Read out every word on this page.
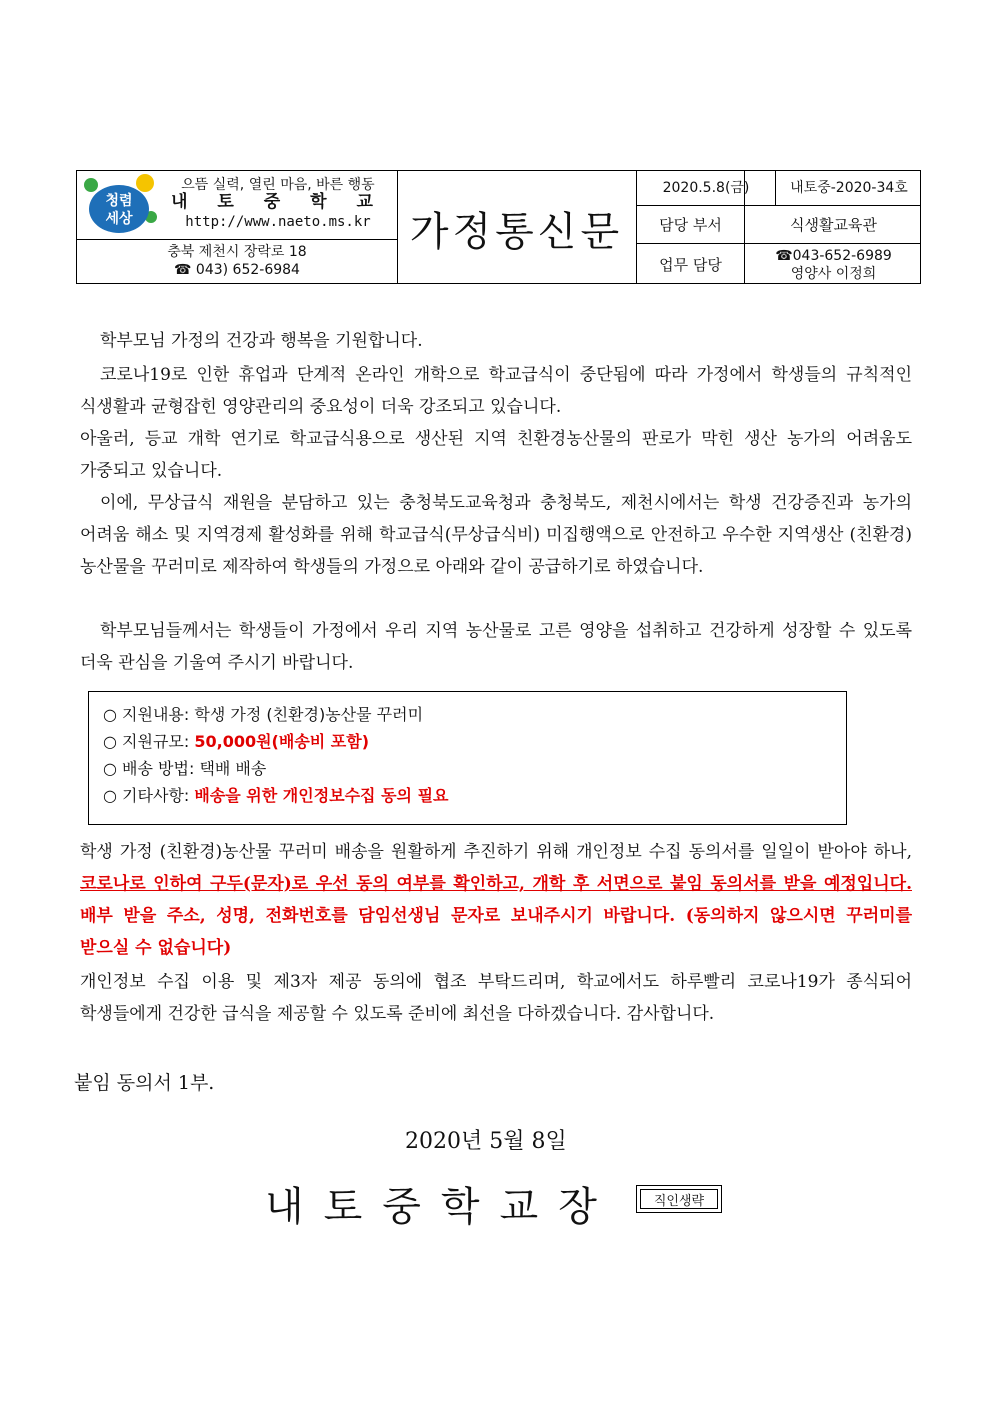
청렴
세상
으뜸 실력, 열린 마음, 바른 행동
내 토 중 학 교
http://www.naeto.ms.kr
충북 제천시 장락로 18
☎ 043) 652-6984
가정통신문
2020.5.8(금)	내토중-2020-34호
담당 부서	식생활교육관
업무 담당	☎043-652-6989
영양사 이정희
학부모님 가정의 건강과 행복을 기원합니다.
코로나19로 인한 휴업과 단계적 온라인 개학으로 학교급식이 중단됨에 따라 가정에서 학생들의 규칙적인 식생활과 균형잡힌 영양관리의 중요성이 더욱 강조되고 있습니다.
아울러, 등교 개학 연기로 학교급식용으로 생산된 지역 친환경농산물의 판로가 막힌 생산 농가의 어려움도 가중되고 있습니다.
이에, 무상급식 재원을 분담하고 있는 충청북도교육청과 충청북도, 제천시에서는 학생 건강증진과 농가의 어려움 해소 및 지역경제 활성화를 위해 학교급식(무상급식비) 미집행액으로 안전하고 우수한 지역생산 (친환경)농산물을 꾸러미로 제작하여 학생들의 가정으로 아래와 같이 공급하기로 하였습니다.
학부모님들께서는 학생들이 가정에서 우리 지역 농산물로 고른 영양을 섭취하고 건강하게 성장할 수 있도록 더욱 관심을 기울여 주시기 바랍니다.
○ 지원내용: 학생 가정 (친환경)농산물 꾸러미
○ 지원규모: 50,000원(배송비 포함)
○ 배송 방법: 택배 배송
○ 기타사항: 배송을 위한 개인정보수집 동의 필요
학생 가정 (친환경)농산물 꾸러미 배송을 원활하게 추진하기 위해 개인정보 수집 동의서를 일일이 받아야 하나, 코로나로 인하여 구두(문자)로 우선 동의 여부를 확인하고, 개학 후 서면으로 붙임 동의서를 받을 예정입니다. 배부 받을 주소, 성명, 전화번호를 담임선생님 문자로 보내주시기 바랍니다. (동의하지 않으시면 꾸러미를 받으실 수 없습니다)
개인정보 수집 이용 및 제3자 제공 동의에 협조 부탁드리며, 학교에서도 하루빨리 코로나19가 종식되어 학생들에게 건강한 급식을 제공할 수 있도록 준비에 최선을 다하겠습니다. 감사합니다.
붙임 동의서 1부.
2020년 5월 8일
내토중학교장	직인생략
